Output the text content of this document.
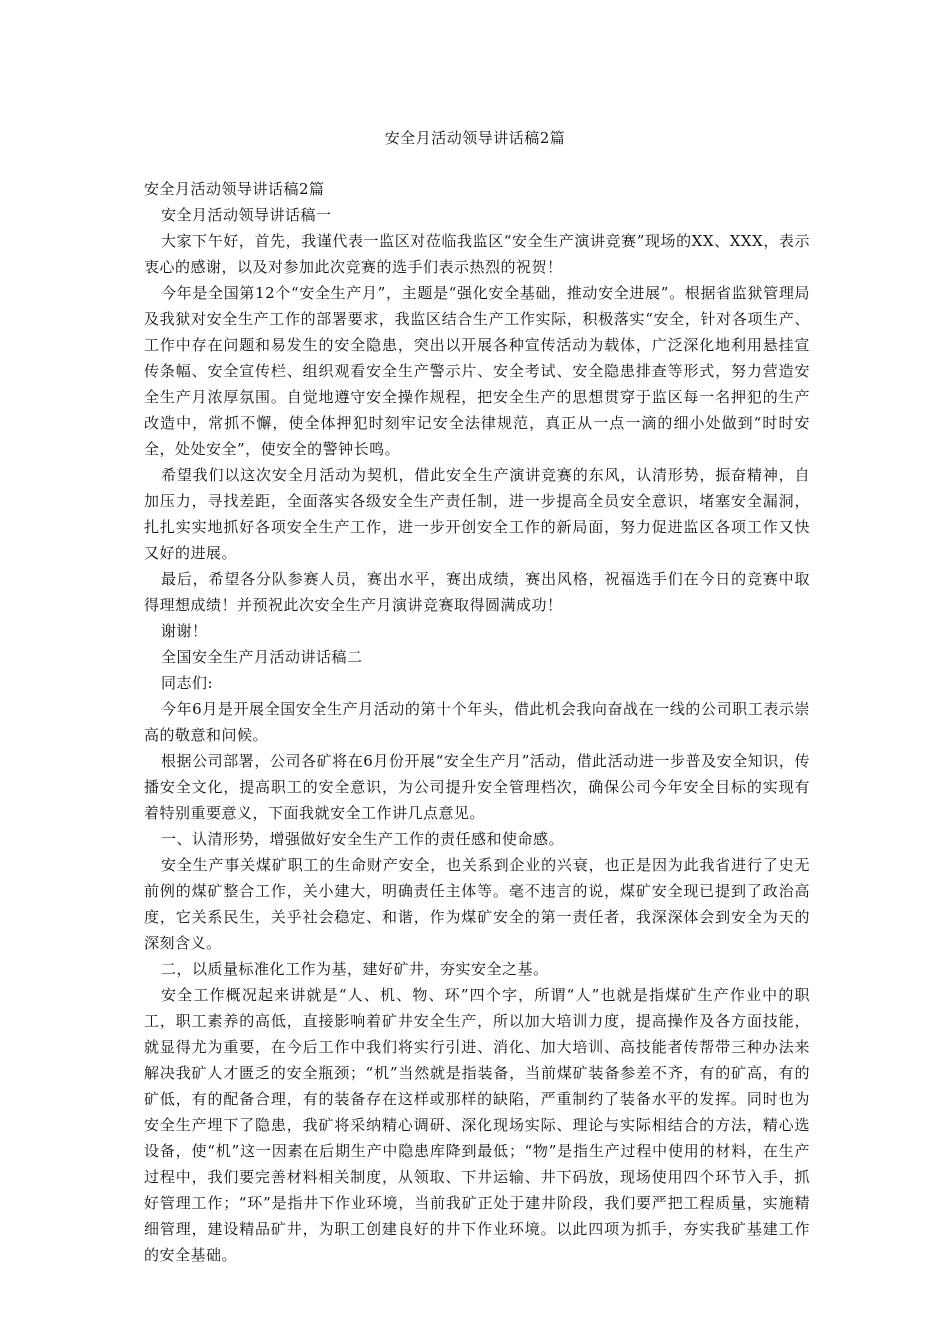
安全月活动领导讲话稿2篇

安全月活动领导讲话稿2篇

安全月活动领导讲话稿一

大家下午好，首先，我谨代表一监区对莅临我监区“安全生产演讲竞赛”现场的XX、XXX，表示衷心的感谢，以及对参加此次竞赛的选手们表示热烈的祝贺！

今年是全国第12个“安全生产月”，主题是“强化安全基础，推动安全进展”。根据省监狱管理局及我狱对安全生产工作的部署要求，我监区结合生产工作实际，积极落实“安全，针对各项生产、工作中存在问题和易发生的安全隐患，突出以开展各种宣传活动为载体，广泛深化地利用悬挂宣传条幅、安全宣传栏、组织观看安全生产警示片、安全考试、安全隐患排查等形式，努力营造安全生产月浓厚氛围。自觉地遵守安全操作规程，把安全生产的思想贯穿于监区每一名押犯的生产改造中，常抓不懈，使全体押犯时刻牢记安全法律规范，真正从一点一滴的细小处做到“时时安全，处处安全”，使安全的警钟长鸣。

希望我们以这次安全月活动为契机，借此安全生产演讲竞赛的东风，认清形势，振奋精神，自加压力，寻找差距，全面落实各级安全生产责任制，进一步提高全员安全意识，堵塞安全漏洞，扎扎实实地抓好各项安全生产工作，进一步开创安全工作的新局面，努力促进监区各项工作又快又好的进展。

最后，希望各分队参赛人员，赛出水平，赛出成绩，赛出风格，祝福选手们在今日的竞赛中取得理想成绩！并预祝此次安全生产月演讲竞赛取得圆满成功！

谢谢！

全国安全生产月活动讲话稿二

同志们:

今年6月是开展全国安全生产月活动的第十个年头，借此机会我向奋战在一线的公司职工表示崇高的敬意和问候。

根据公司部署，公司各矿将在6月份开展“安全生产月”活动，借此活动进一步普及安全知识，传播安全文化，提高职工的安全意识，为公司提升安全管理档次，确保公司今年安全目标的实现有着特别重要意义，下面我就安全工作讲几点意见。

一、认清形势，增强做好安全生产工作的责任感和使命感。

安全生产事关煤矿职工的生命财产安全，也关系到企业的兴衰，也正是因为此我省进行了史无前例的煤矿整合工作，关小建大，明确责任主体等。毫不违言的说，煤矿安全现已提到了政治高度，它关系民生，关乎社会稳定、和谐，作为煤矿安全的第一责任者，我深深体会到安全为天的深刻含义。

二，以质量标准化工作为基，建好矿井，夯实安全之基。

安全工作概况起来讲就是“人、机、物、环”四个字，所谓“人”也就是指煤矿生产作业中的职工，职工素养的高低，直接影响着矿井安全生产，所以加大培训力度，提高操作及各方面技能，就显得尤为重要，在今后工作中我们将实行引进、消化、加大培训、高技能者传帮带三种办法来解决我矿人才匮乏的安全瓶颈；“机”当然就是指装备，当前煤矿装备参差不齐，有的矿高，有的矿低，有的配备合理，有的装备存在这样或那样的缺陷，严重制约了装备水平的发挥。同时也为安全生产埋下了隐患，我矿将采纳精心调研、深化现场实际、理论与实际相结合的方法，精心选设备，使“机”这一因素在后期生产中隐患库降到最低；“物”是指生产过程中使用的材料，在生产过程中，我们要完善材料相关制度，从领取、下井运输、井下码放，现场使用四个环节入手，抓好管理工作；“环”是指井下作业环境，当前我矿正处于建井阶段，我们要严把工程质量，实施精细管理，建设精品矿井，为职工创建良好的井下作业环境。以此四项为抓手，夯实我矿基建工作的安全基础。
